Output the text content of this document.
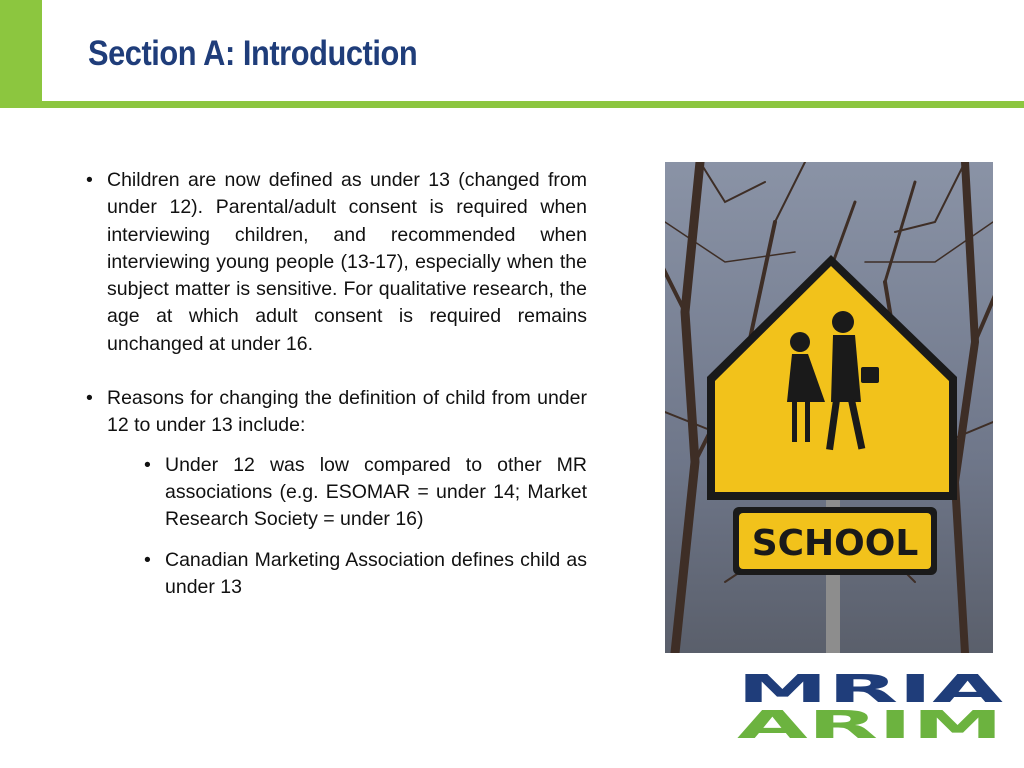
Section A: Introduction
• Children are now defined as under 13 (changed from under 12). Parental/adult consent is required when interviewing children, and recommended when interviewing young people (13-17), especially when the subject matter is sensitive. For qualitative research, the age at which adult consent is required remains unchanged at under 16.
• Reasons for changing the definition of child from under 12 to under 13 include:
• Under 12 was low compared to other MR associations (e.g. ESOMAR = under 14; Market Research Society = under 16)
• Canadian Marketing Association defines child as under 13
SCHOOL
MRIA
ARIM
